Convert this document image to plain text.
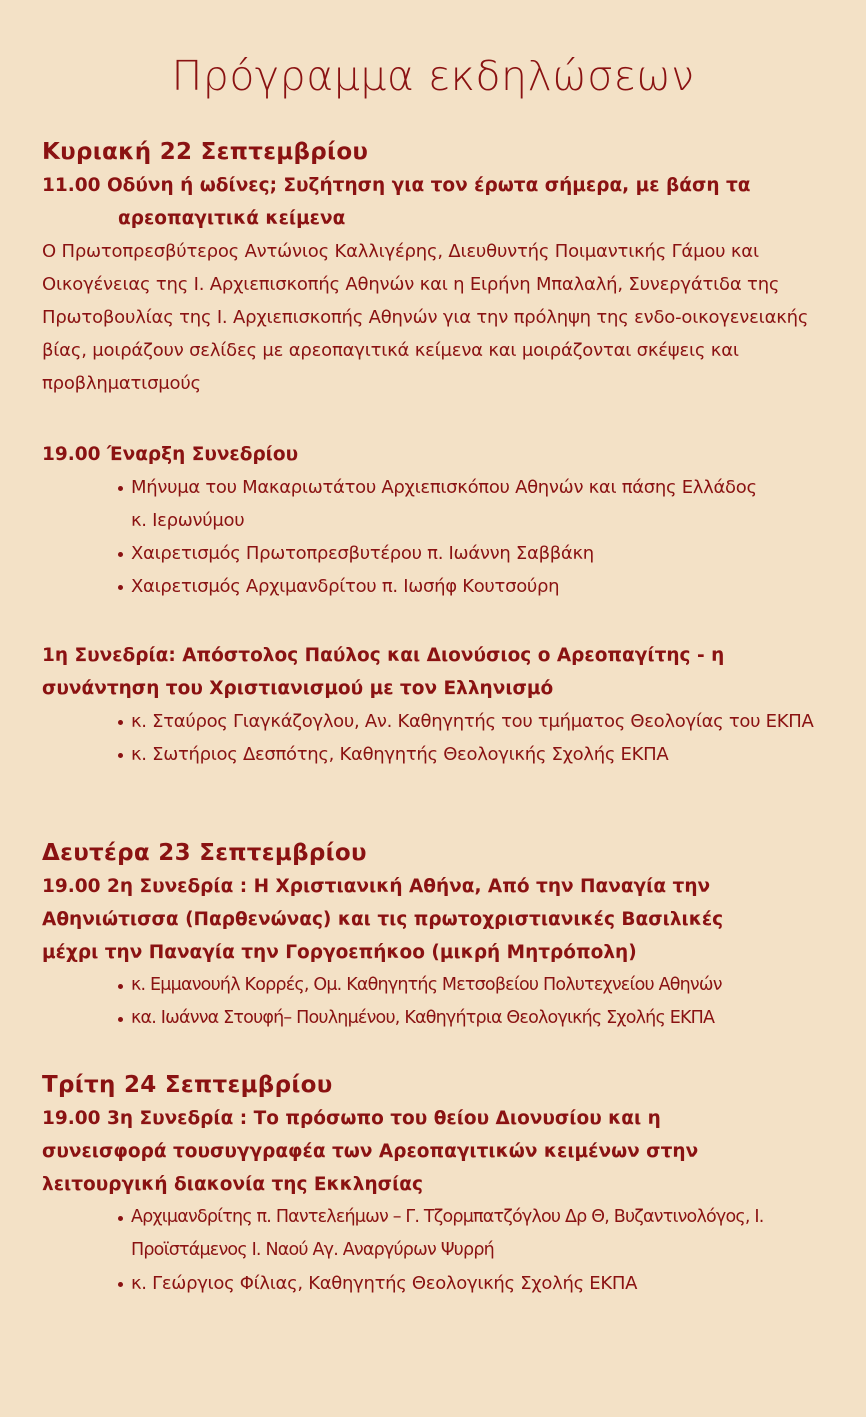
Πρόγραμμα εκδηλώσεων
Κυριακή 22 Σεπτεμβρίου

11.00 Οδύνη ή ωδίνες; Συζήτηση για τον έρωτα σήμερα, με βάση τα
αρεοπαγιτικά κείμενα

Ο Πρωτοπρεσβύτερος Αντώνιος Καλλιγέρης, Διευθυντής Ποιμαντικής Γάμου και Οικογένειας της Ι. Αρχιεπισκοπής Αθηνών και η Ειρήνη Μπαλαλή, Συνεργάτιδα της Πρωτοβουλίας της Ι. Αρχιεπισκοπής Αθηνών για την πρόληψη της ενδο-οικογενειακής βίας, μοιράζουν σελίδες με αρεοπαγιτικά κείμενα και μοιράζονται σκέψεις και προβληματισμούς

19.00 Έναρξη Συνεδρίου

Μήνυμα του Μακαριωτάτου Αρχιεπισκόπου Αθηνών και πάσης Ελλάδος κ. Ιερωνύμου
Χαιρετισμός Πρωτοπρεσβυτέρου π. Ιωάννη Σαββάκη
Χαιρετισμός Αρχιμανδρίτου π. Ιωσήφ Κουτσούρη

1η Συνεδρία: Απόστολος Παύλος και Διονύσιος ο Αρεοπαγίτης - η συνάντηση του Χριστιανισμού με τον Ελληνισμό

κ. Σταύρος Γιαγκάζογλου, Αν. Καθηγητής του τμήματος Θεολογίας του ΕΚΠΑ
κ. Σωτήριος Δεσπότης, Καθηγητής Θεολογικής Σχολής ΕΚΠΑ
Δευτέρα 23 Σεπτεμβρίου

19.00 2η Συνεδρία : Η Χριστιανική Αθήνα, Από την Παναγία την Αθηνιώτισσα (Παρθενώνας) και τις πρωτοχριστιανικές Βασιλικές μέχρι την Παναγία την Γοργοεπήκοο (μικρή Μητρόπολη)

κ. Εμμανουήλ Κορρές, Ομ. Καθηγητής Μετσοβείου Πολυτεχνείου Αθηνών
κα. Ιωάννα Στουφή– Πουλημένου, Καθηγήτρια Θεολογικής Σχολής ΕΚΠΑ
Τρίτη 24 Σεπτεμβρίου

19.00 3η Συνεδρία : Το πρόσωπο του θείου Διονυσίου και η συνεισφορά τουσυγγραφέα των Αρεοπαγιτικών κειμένων στην λειτουργική διακονία της Εκκλησίας

Αρχιμανδρίτης π. Παντελεήμων – Γ. Τζορμπατζόγλου Δρ Θ, Βυζαντινολόγος, Ι. Προϊστάμενος Ι. Ναού Αγ. Αναργύρων Ψυρρή
κ. Γεώργιος Φίλιας, Καθηγητής Θεολογικής Σχολής ΕΚΠΑ
